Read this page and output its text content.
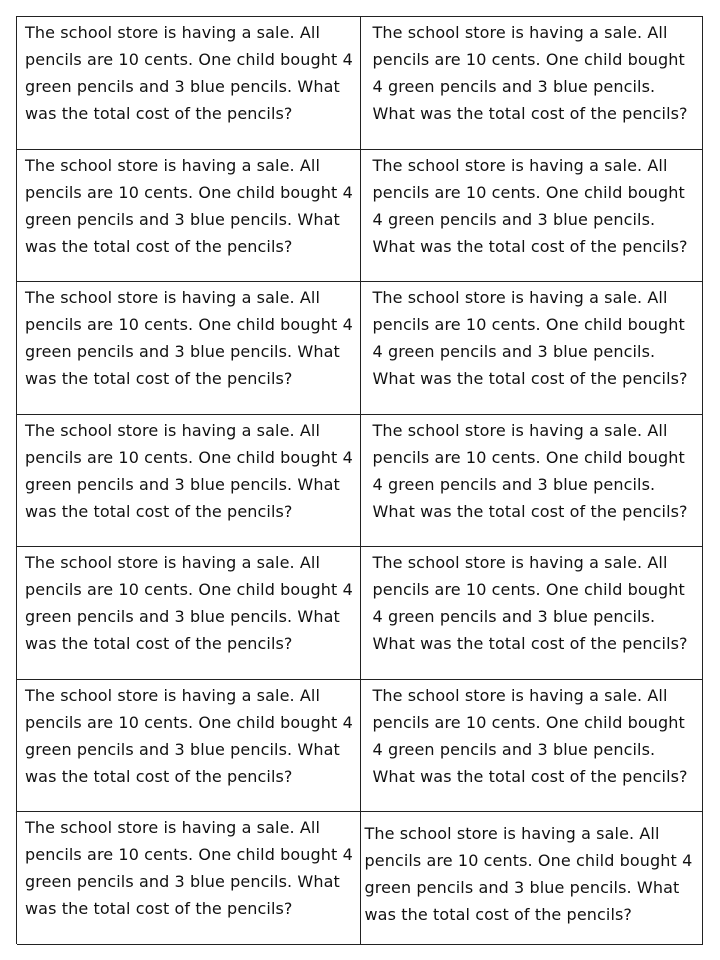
The school store is having a sale. All pencils are 10 cents. One child bought 4 green pencils and 3 blue pencils. What was the total cost of the pencils?

The school store is having a sale. All pencils are 10 cents. One child bought 4 green pencils and 3 blue pencils. What was the total cost of the pencils?

The school store is having a sale. All pencils are 10 cents. One child bought 4 green pencils and 3 blue pencils. What was the total cost of the pencils?

The school store is having a sale. All pencils are 10 cents. One child bought 4 green pencils and 3 blue pencils. What was the total cost of the pencils?

The school store is having a sale. All pencils are 10 cents. One child bought 4 green pencils and 3 blue pencils. What was the total cost of the pencils?

The school store is having a sale. All pencils are 10 cents. One child bought 4 green pencils and 3 blue pencils. What was the total cost of the pencils?

The school store is having a sale. All pencils are 10 cents. One child bought 4 green pencils and 3 blue pencils. What was the total cost of the pencils?

The school store is having a sale. All pencils are 10 cents. One child bought 4 green pencils and 3 blue pencils. What was the total cost of the pencils?

The school store is having a sale. All pencils are 10 cents. One child bought 4 green pencils and 3 blue pencils. What was the total cost of the pencils?

The school store is having a sale. All pencils are 10 cents. One child bought 4 green pencils and 3 blue pencils. What was the total cost of the pencils?

The school store is having a sale. All pencils are 10 cents. One child bought 4 green pencils and 3 blue pencils. What was the total cost of the pencils?

The school store is having a sale. All pencils are 10 cents. One child bought 4 green pencils and 3 blue pencils. What was the total cost of the pencils?

The school store is having a sale. All pencils are 10 cents. One child bought 4 green pencils and 3 blue pencils. What was the total cost of the pencils?

The school store is having a sale. All pencils are 10 cents. One child bought 4 green pencils and 3 blue pencils. What was the total cost of the pencils?
